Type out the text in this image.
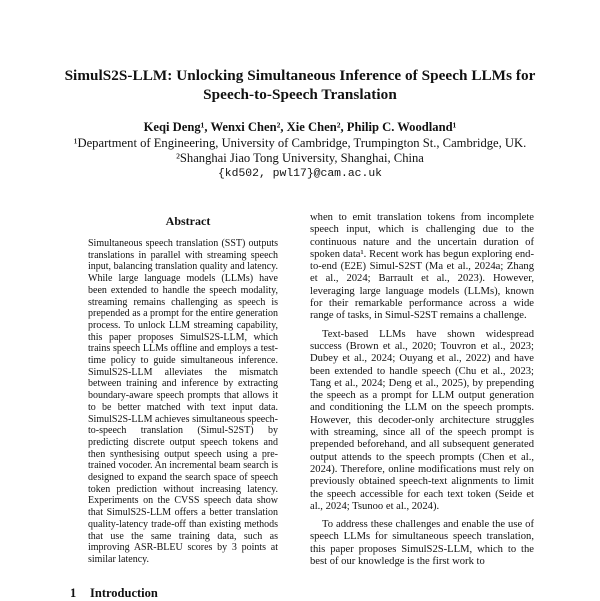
SimulS2S-LLM: Unlocking Simultaneous Inference of Speech LLMs for Speech-to-Speech Translation
Keqi Deng¹, Wenxi Chen², Xie Chen², Philip C. Woodland¹
¹Department of Engineering, University of Cambridge, Trumpington St., Cambridge, UK.
²Shanghai Jiao Tong University, Shanghai, China
{kd502, pwl17}@cam.ac.uk
Abstract
Simultaneous speech translation (SST) outputs translations in parallel with streaming speech input, balancing translation quality and latency. While large language models (LLMs) have been extended to handle the speech modality, streaming remains challenging as speech is prepended as a prompt for the entire generation process. To unlock LLM streaming capability, this paper proposes SimulS2S-LLM, which trains speech LLMs offline and employs a test-time policy to guide simultaneous inference. SimulS2S-LLM alleviates the mismatch between training and inference by extracting boundary-aware speech prompts that allows it to be better matched with text input data. SimulS2S-LLM achieves simultaneous speech-to-speech translation (Simul-S2ST) by predicting discrete output speech tokens and then synthesising output speech using a pre-trained vocoder. An incremental beam search is designed to expand the search space of speech token prediction without increasing latency. Experiments on the CVSS speech data show that SimulS2S-LLM offers a better translation quality-latency trade-off than existing methods that use the same training data, such as improving ASR-BLEU scores by 3 points at similar latency.

when to emit translation tokens from incomplete speech input, which is challenging due to the continuous nature and the uncertain duration of spoken data¹. Recent work has begun exploring end-to-end (E2E) Simul-S2ST (Ma et al., 2024a; Zhang et al., 2024; Barrault et al., 2023). However, leveraging large language models (LLMs), known for their remarkable performance across a wide range of tasks, in Simul-S2ST remains a challenge.

Text-based LLMs have shown widespread success (Brown et al., 2020; Touvron et al., 2023; Dubey et al., 2024; Ouyang et al., 2022) and have been extended to handle speech (Chu et al., 2023; Tang et al., 2024; Deng et al., 2025), by prepending the speech as a prompt for LLM output generation and conditioning the LLM on the speech prompts. However, this decoder-only architecture struggles with streaming, since all of the speech prompt is prepended beforehand, and all subsequent generated output attends to the speech prompts (Chen et al., 2024). Therefore, online modifications must rely on previously obtained speech-text alignments to limit the speech accessible for each text token (Seide et al., 2024; Tsunoo et al., 2024).

To address these challenges and enable the use of speech LLMs for simultaneous speech translation, this paper proposes SimulS2S-LLM, which to the best of our knowledge is the first work to

1 Introduction
